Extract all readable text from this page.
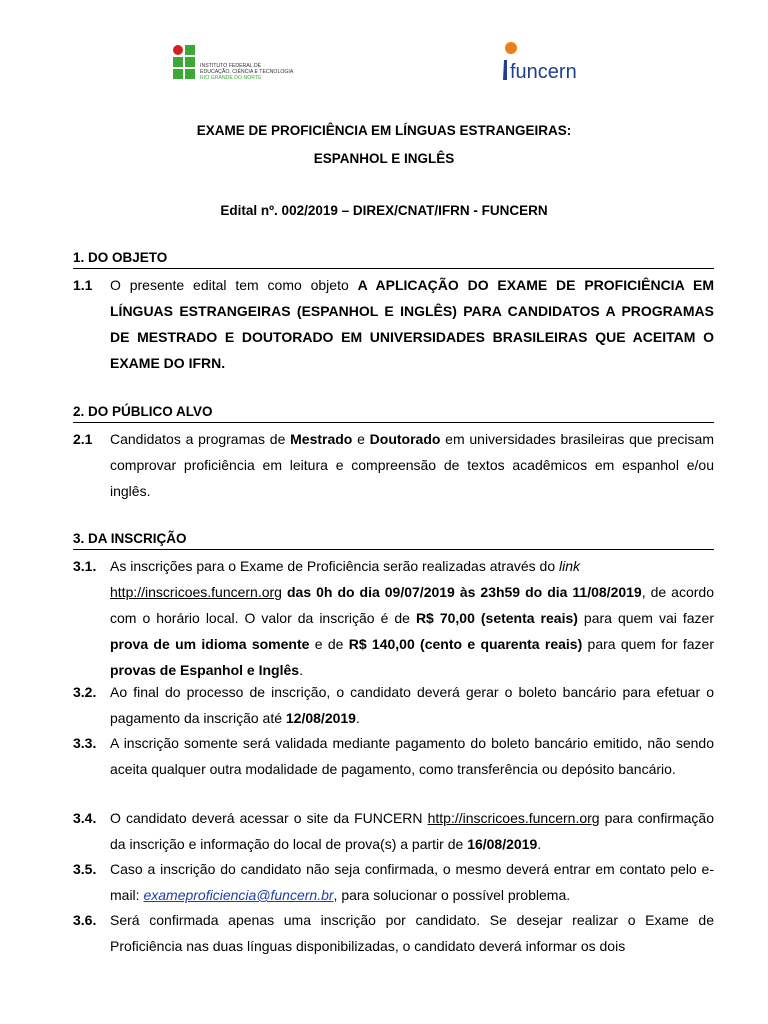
INSTITUTO FEDERAL DE
EDUCAÇÃO, CIÊNCIA E TECNOLOGIA
RIO GRANDE DO NORTE	funcern
EXAME DE PROFICIÊNCIA EM LÍNGUAS ESTRANGEIRAS:
ESPANHOL E INGLÊS
Edital nº. 002/2019 – DIREX/CNAT/IFRN - FUNCERN
1. DO OBJETO
1.1	O presente edital tem como objeto A APLICAÇÃO DO EXAME DE PROFICIÊNCIA EM LÍNGUAS ESTRANGEIRAS (ESPANHOL E INGLÊS) PARA CANDIDATOS A PROGRAMAS DE MESTRADO E DOUTORADO EM UNIVERSIDADES BRASILEIRAS QUE ACEITAM O EXAME DO IFRN.
2. DO PÚBLICO ALVO
2.1	Candidatos a programas de Mestrado e Doutorado em universidades brasileiras que precisam comprovar proficiência em leitura e compreensão de textos acadêmicos em espanhol e/ou inglês.
3. DA INSCRIÇÃO
3.1. As inscrições para o Exame de Proficiência serão realizadas através do link
http://inscricoes.funcern.org das 0h do dia 09/07/2019 às 23h59 do dia 11/08/2019, de acordo com o horário local. O valor da inscrição é de R$ 70,00 (setenta reais) para quem vai fazer prova de um idioma somente e de R$ 140,00 (cento e quarenta reais) para quem for fazer provas de Espanhol e Inglês.
3.2. Ao final do processo de inscrição, o candidato deverá gerar o boleto bancário para efetuar o pagamento da inscrição até 12/08/2019.
3.3. A inscrição somente será validada mediante pagamento do boleto bancário emitido, não sendo aceita qualquer outra modalidade de pagamento, como transferência ou depósito bancário.
3.4. O candidato deverá acessar o site da FUNCERN http://inscricoes.funcern.org para confirmação da inscrição e informação do local de prova(s) a partir de 16/08/2019.
3.5. Caso a inscrição do candidato não seja confirmada, o mesmo deverá entrar em contato pelo e-mail: exameproficiencia@funcern.br, para solucionar o possível problema.
3.6. Será confirmada apenas uma inscrição por candidato. Se desejar realizar o Exame de Proficiência nas duas línguas disponibilizadas, o candidato deverá informar os dois
